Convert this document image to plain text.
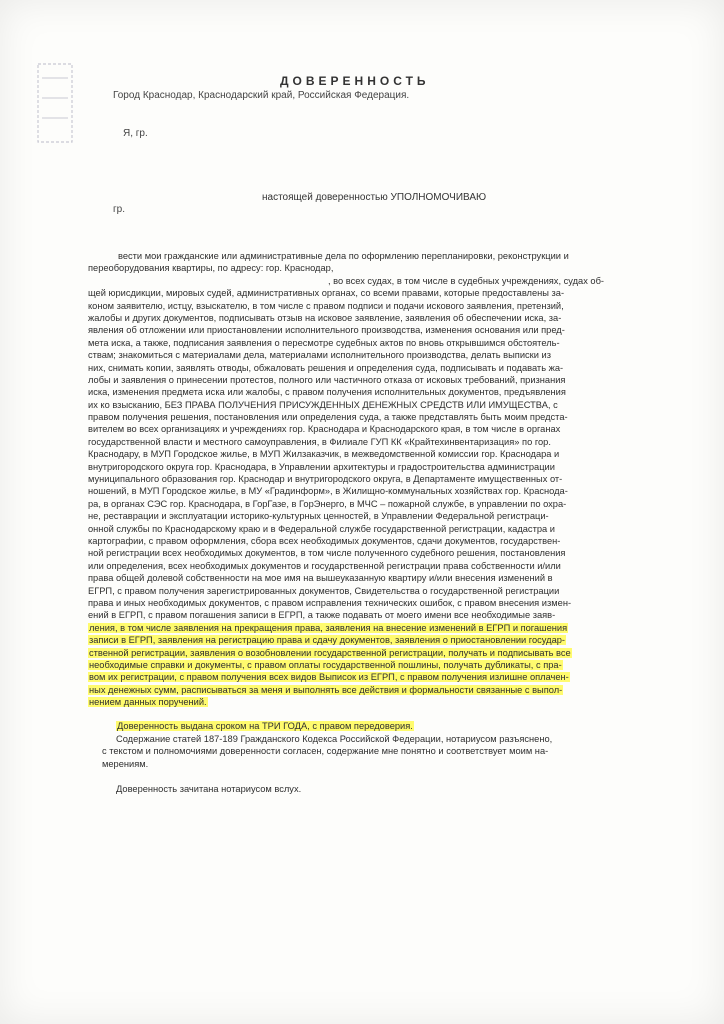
ДОВЕРЕННОСТЬ
Город Краснодар, Краснодарский край, Российская Федерация.
Я, гр.
настоящей доверенностью УПОЛНОМОЧИВАЮ
гр.
вести мои гражданские или административные дела по оформлению перепланировки, реконструкции и
переоборудования квартиры, по адресу: гор. Краснодар,
, во всех судах, в том числе в судебных учреждениях, судах об-
щей юрисдикции, мировых судей, административных органах, со всеми правами, которые предоставлены за-
коном заявителю, истцу, взыскателю, в том числе с правом подписи и подачи искового заявления, претензий,
жалобы и других документов, подписывать отзыв на исковое заявление, заявления об обеспечении иска, за-
явления об отложении или приостановлении исполнительного производства, изменения основания или пред-
мета иска, а также, подписания заявления о пересмотре судебных актов по вновь открывшимся обстоятель-
ствам; знакомиться с материалами дела, материалами исполнительного производства, делать выписки из
них, снимать копии, заявлять отводы, обжаловать решения и определения суда, подписывать и подавать жа-
лобы и заявления о принесении протестов, полного или частичного отказа от исковых требований, признания
иска, изменения предмета иска или жалобы, с правом получения исполнительных документов, предъявления
их ко взысканию, БЕЗ ПРАВА ПОЛУЧЕНИЯ ПРИСУЖДЕННЫХ ДЕНЕЖНЫХ СРЕДСТВ ИЛИ ИМУЩЕСТВА, с
правом получения решения, постановления или определения суда, а также представлять быть моим предста-
вителем во всех организациях и учреждениях гор. Краснодара и Краснодарского края, в том числе в органах
государственной власти и местного самоуправления, в Филиале ГУП КК «Крайтехинвентаризация» по гор.
Краснодару, в МУП Городское жилье, в МУП Жилзаказчик, в межведомственной комиссии гор. Краснодара и
внутригородского округа гор. Краснодара, в Управлении архитектуры и градостроительства администрации
муниципального образования гор. Краснодар и внутригородского округа, в Департаменте имущественных от-
ношений, в МУП Городское жилье, в МУ «Градинформ», в Жилищно-коммунальных хозяйствах гор. Краснода-
ра, в органах СЭС гор. Краснодара, в ГорГазе, в ГорЭнерго, в МЧС – пожарной службе, в управлении по охра-
не, реставрации и эксплуатации историко-культурных ценностей, в Управлении Федеральной регистраци-
онной службы по Краснодарскому краю и в Федеральной службе государственной регистрации, кадастра и
картографии, с правом оформления, сбора всех необходимых документов, сдачи документов, государствен-
ной регистрации всех необходимых документов, в том числе полученного судебного решения, постановления
или определения, всех необходимых документов и государственной регистрации права собственности и/или
права общей долевой собственности на мое имя на вышеуказанную квартиру и/или внесения изменений в
ЕГРП, с правом получения зарегистрированных документов, Свидетельства о государственной регистрации
права и иных необходимых документов, с правом исправления технических ошибок, с правом внесения измен-
ений в ЕГРП, с правом погашения записи в ЕГРП, а также подавать от моего имени все необходимые заяв-
ления, в том числе заявления на прекращения права, заявления на внесение изменений в ЕГРП и погашения
записи в ЕГРП, заявления на регистрацию права и сдачу документов, заявления о приостановлении государ-
ственной регистрации, заявления о возобновлении государственной регистрации, получать и подписывать все
необходимые справки и документы, с правом оплаты государственной пошлины, получать дубликаты, с пра-
вом их регистрации, с правом получения всех видов Выписок из ЕГРП, с правом получения излишне оплачен-
ных денежных сумм, расписываться за меня и выполнять все действия и формальности связанные с выпол-
нением данных поручений.
Доверенность выдана сроком на ТРИ ГОДА, с правом передоверия.
Содержание статей 187-189 Гражданского Кодекса Российской Федерации, нотариусом разъяснено,
с текстом и полномочиями доверенности согласен, содержание мне понятно и соответствует моим на-
мерениям.
Доверенность зачитана нотариусом вслух.
